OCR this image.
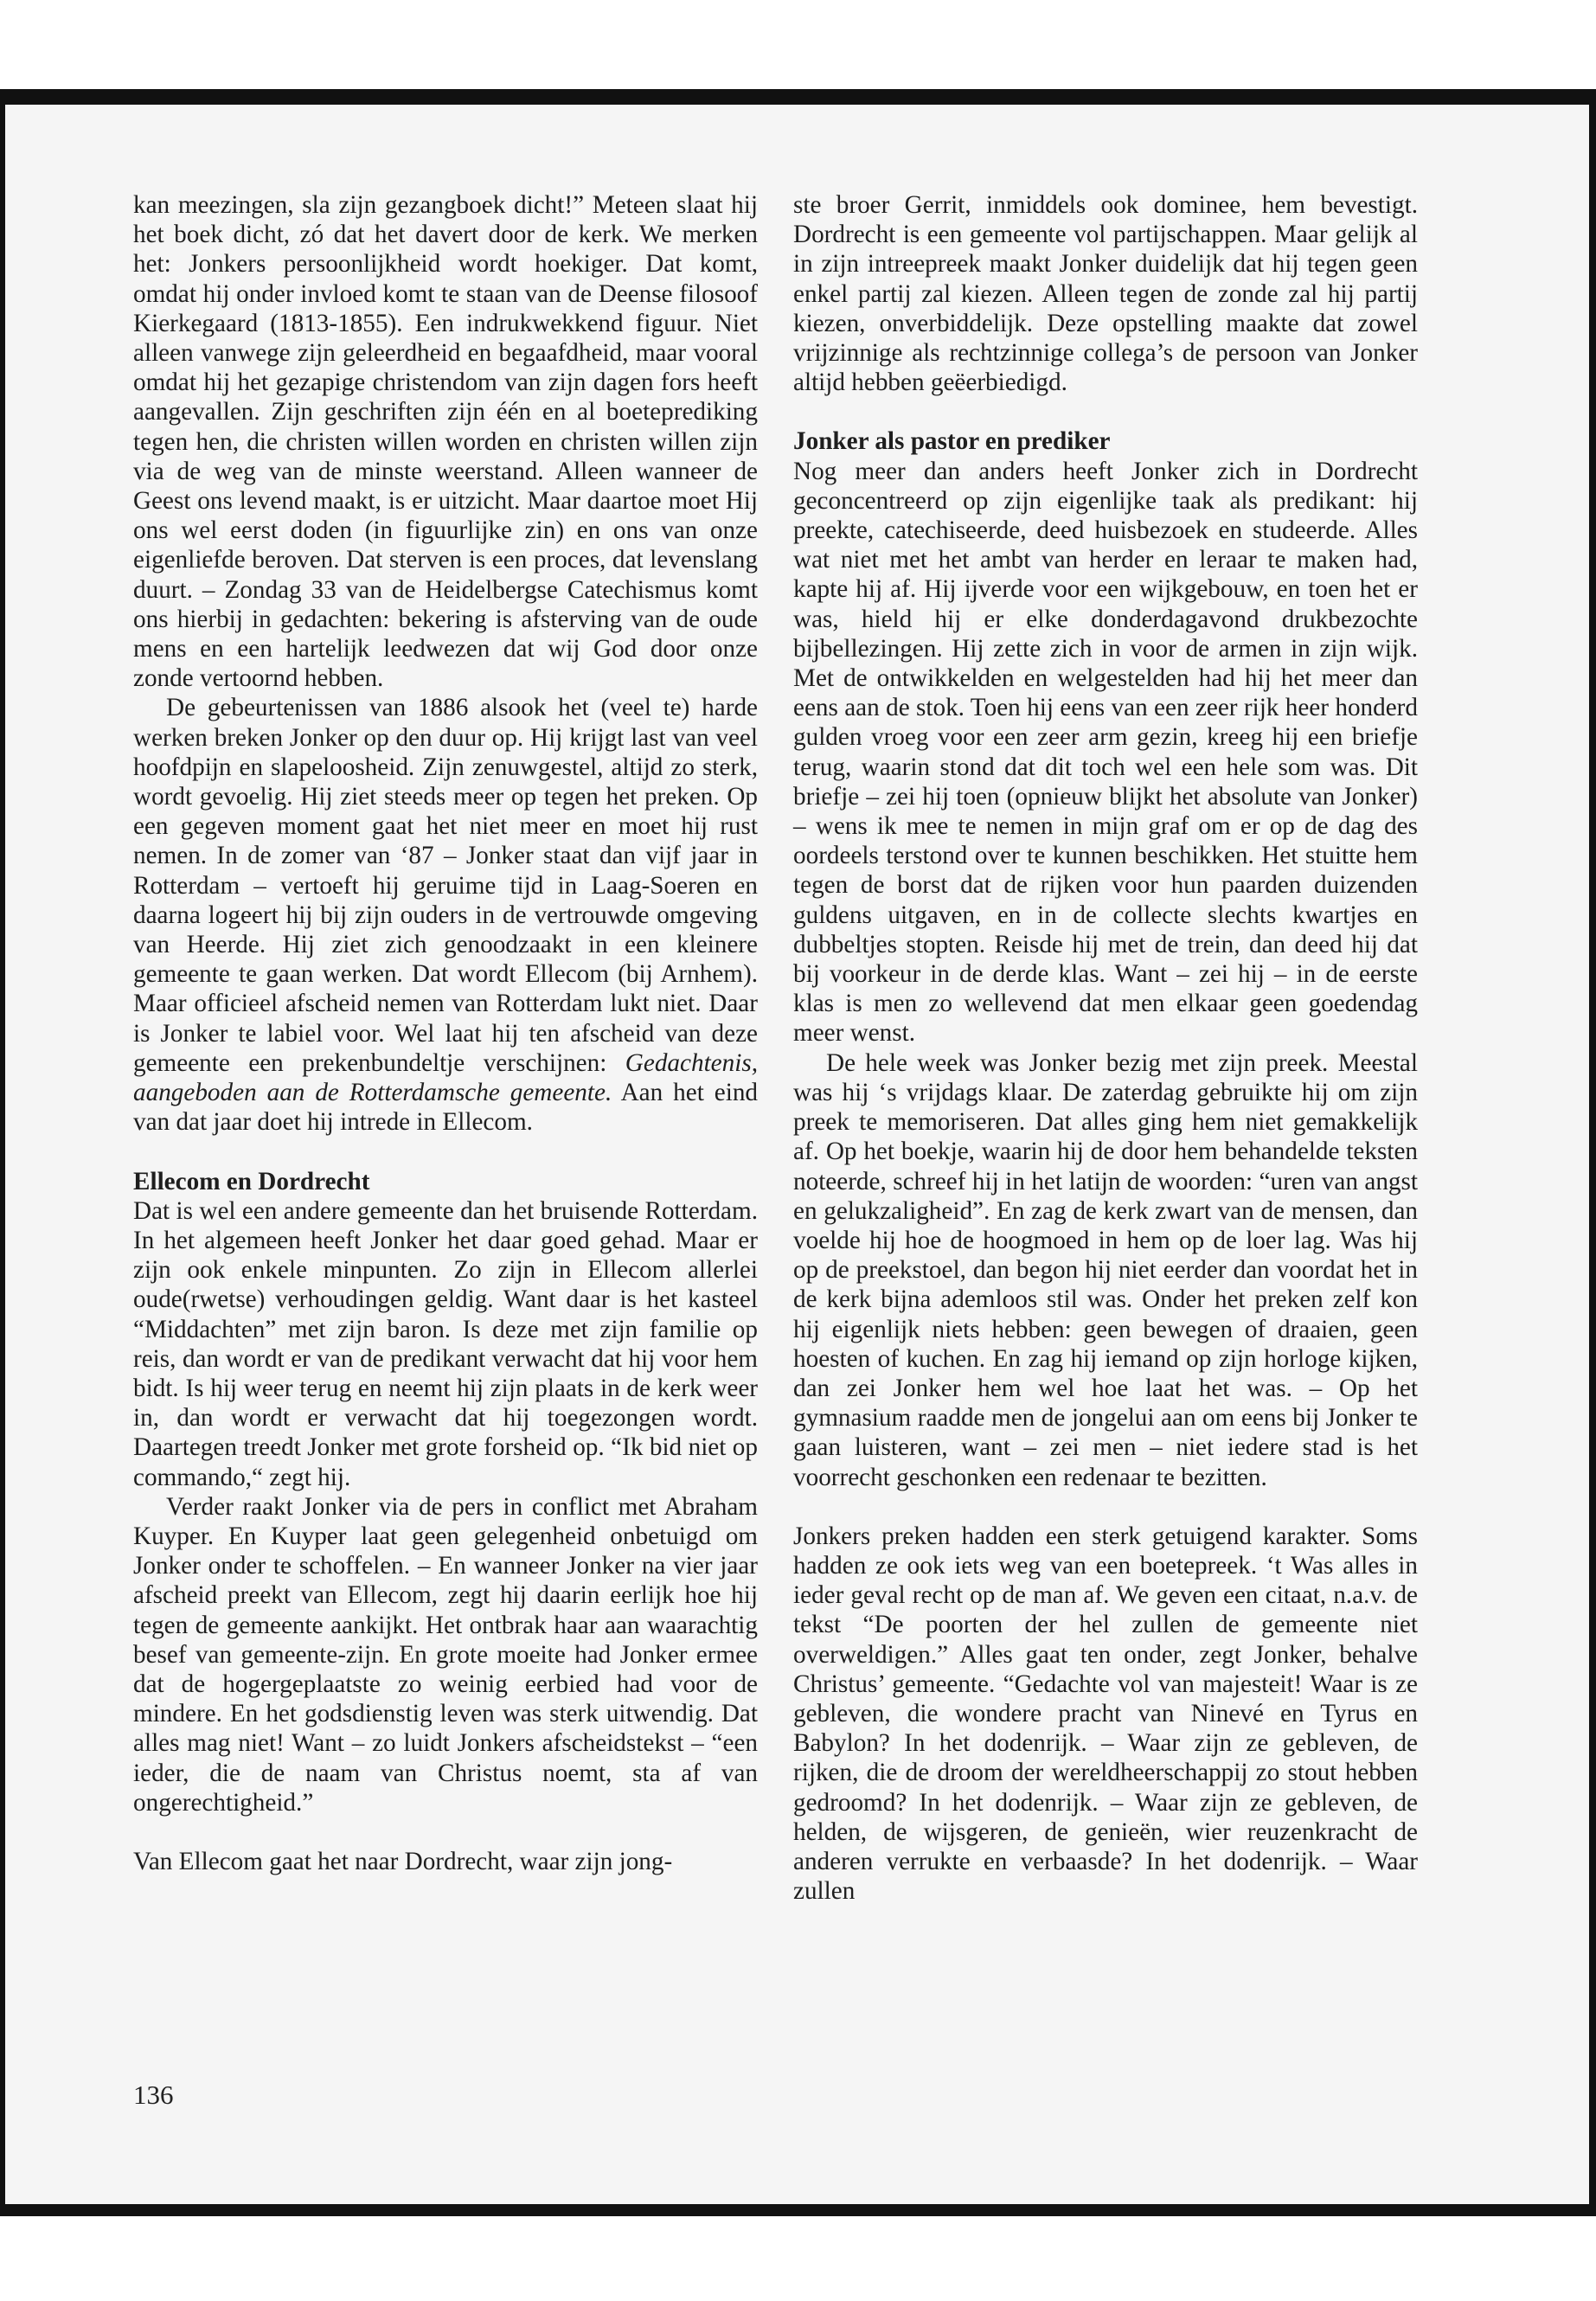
kan meezingen, sla zijn gezangboek dicht!” Meteen slaat hij het boek dicht, zó dat het davert door de kerk. We merken het: Jonkers persoonlijkheid wordt hoekiger. Dat komt, omdat hij onder invloed komt te staan van de Deense filosoof Kierkegaard (1813-1855). Een indrukwekkend figuur. Niet alleen vanwege zijn geleerdheid en begaafdheid, maar vooral omdat hij het gezapige christendom van zijn dagen fors heeft aangevallen. Zijn geschriften zijn één en al boeteprediking tegen hen, die christen willen worden en christen willen zijn via de weg van de minste weerstand. Alleen wanneer de Geest ons levend maakt, is er uitzicht. Maar daartoe moet Hij ons wel eerst doden (in figuurlijke zin) en ons van onze eigenliefde beroven. Dat sterven is een proces, dat levenslang duurt. – Zondag 33 van de Heidelbergse Catechismus komt ons hierbij in gedachten: bekering is afsterving van de oude mens en een hartelijk leedwezen dat wij God door onze zonde vertoornd hebben.

De gebeurtenissen van 1886 alsook het (veel te) harde werken breken Jonker op den duur op. Hij krijgt last van veel hoofdpijn en slapeloosheid. Zijn zenuwgestel, altijd zo sterk, wordt gevoelig. Hij ziet steeds meer op tegen het preken. Op een gegeven moment gaat het niet meer en moet hij rust nemen. In de zomer van ‘87 – Jonker staat dan vijf jaar in Rotterdam – vertoeft hij geruime tijd in Laag-Soeren en daarna logeert hij bij zijn ouders in de vertrouwde omgeving van Heerde. Hij ziet zich genoodzaakt in een kleinere gemeente te gaan werken. Dat wordt Ellecom (bij Arnhem). Maar officieel afscheid nemen van Rotterdam lukt niet. Daar is Jonker te labiel voor. Wel laat hij ten afscheid van deze gemeente een prekenbundeltje verschijnen: Gedachtenis, aangeboden aan de Rotterdamsche gemeente. Aan het eind van dat jaar doet hij intrede in Ellecom.

Ellecom en Dordrecht

Dat is wel een andere gemeente dan het bruisende Rotterdam. In het algemeen heeft Jonker het daar goed gehad. Maar er zijn ook enkele minpunten. Zo zijn in Ellecom allerlei oude(rwetse) verhoudingen geldig. Want daar is het kasteel “Middachten” met zijn baron. Is deze met zijn familie op reis, dan wordt er van de predikant verwacht dat hij voor hem bidt. Is hij weer terug en neemt hij zijn plaats in de kerk weer in, dan wordt er verwacht dat hij toegezongen wordt. Daartegen treedt Jonker met grote forsheid op. “Ik bid niet op commando,“ zegt hij.

Verder raakt Jonker via de pers in conflict met Abraham Kuyper. En Kuyper laat geen gelegenheid onbetuigd om Jonker onder te schoffelen. – En wanneer Jonker na vier jaar afscheid preekt van Ellecom, zegt hij daarin eerlijk hoe hij tegen de gemeente aankijkt. Het ontbrak haar aan waarachtig besef van gemeente-zijn. En grote moeite had Jonker ermee dat de hogergeplaatste zo weinig eerbied had voor de mindere. En het godsdienstig leven was sterk uitwendig. Dat alles mag niet! Want – zo luidt Jonkers afscheidstekst – “een ieder, die de naam van Christus noemt, sta af van ongerechtigheid.”

Van Ellecom gaat het naar Dordrecht, waar zijn jong-

ste broer Gerrit, inmiddels ook dominee, hem bevestigt. Dordrecht is een gemeente vol partijschappen. Maar gelijk al in zijn intreepreek maakt Jonker duidelijk dat hij tegen geen enkel partij zal kiezen. Alleen tegen de zonde zal hij partij kiezen, onverbiddelijk. Deze opstelling maakte dat zowel vrijzinnige als rechtzinnige collega’s de persoon van Jonker altijd hebben geëerbiedigd.

Jonker als pastor en prediker

Nog meer dan anders heeft Jonker zich in Dordrecht geconcentreerd op zijn eigenlijke taak als predikant: hij preekte, catechiseerde, deed huisbezoek en studeerde. Alles wat niet met het ambt van herder en leraar te maken had, kapte hij af. Hij ijverde voor een wijkgebouw, en toen het er was, hield hij er elke donderdagavond drukbezochte bijbellezingen. Hij zette zich in voor de armen in zijn wijk. Met de ontwikkelden en welgestelden had hij het meer dan eens aan de stok. Toen hij eens van een zeer rijk heer honderd gulden vroeg voor een zeer arm gezin, kreeg hij een briefje terug, waarin stond dat dit toch wel een hele som was. Dit briefje – zei hij toen (opnieuw blijkt het absolute van Jonker) – wens ik mee te nemen in mijn graf om er op de dag des oordeels terstond over te kunnen beschikken. Het stuitte hem tegen de borst dat de rijken voor hun paarden duizenden guldens uitgaven, en in de collecte slechts kwartjes en dubbeltjes stopten. Reisde hij met de trein, dan deed hij dat bij voorkeur in de derde klas. Want – zei hij – in de eerste klas is men zo wellevend dat men elkaar geen goedendag meer wenst.

De hele week was Jonker bezig met zijn preek. Meestal was hij ‘s vrijdags klaar. De zaterdag gebruikte hij om zijn preek te memoriseren. Dat alles ging hem niet gemakkelijk af. Op het boekje, waarin hij de door hem behandelde teksten noteerde, schreef hij in het latijn de woorden: “uren van angst en gelukzaligheid”. En zag de kerk zwart van de mensen, dan voelde hij hoe de hoogmoed in hem op de loer lag. Was hij op de preekstoel, dan begon hij niet eerder dan voordat het in de kerk bijna ademloos stil was. Onder het preken zelf kon hij eigenlijk niets hebben: geen bewegen of draaien, geen hoesten of kuchen. En zag hij iemand op zijn horloge kijken, dan zei Jonker hem wel hoe laat het was. – Op het gymnasium raadde men de jongelui aan om eens bij Jonker te gaan luisteren, want – zei men – niet iedere stad is het voorrecht geschonken een redenaar te bezitten.

Jonkers preken hadden een sterk getuigend karakter. Soms hadden ze ook iets weg van een boetepreek. ‘t Was alles in ieder geval recht op de man af. We geven een citaat, n.a.v. de tekst “De poorten der hel zullen de gemeente niet overweldigen.” Alles gaat ten onder, zegt Jonker, behalve Christus’ gemeente. “Gedachte vol van majesteit! Waar is ze gebleven, die wondere pracht van Ninevé en Tyrus en Babylon? In het dodenrijk. – Waar zijn ze gebleven, de rijken, die de droom der wereldheerschappij zo stout hebben gedroomd? In het dodenrijk. – Waar zijn ze gebleven, de helden, de wijsgeren, de genieën, wier reuzenkracht de anderen verrukte en verbaasde? In het dodenrijk. – Waar zullen

136
